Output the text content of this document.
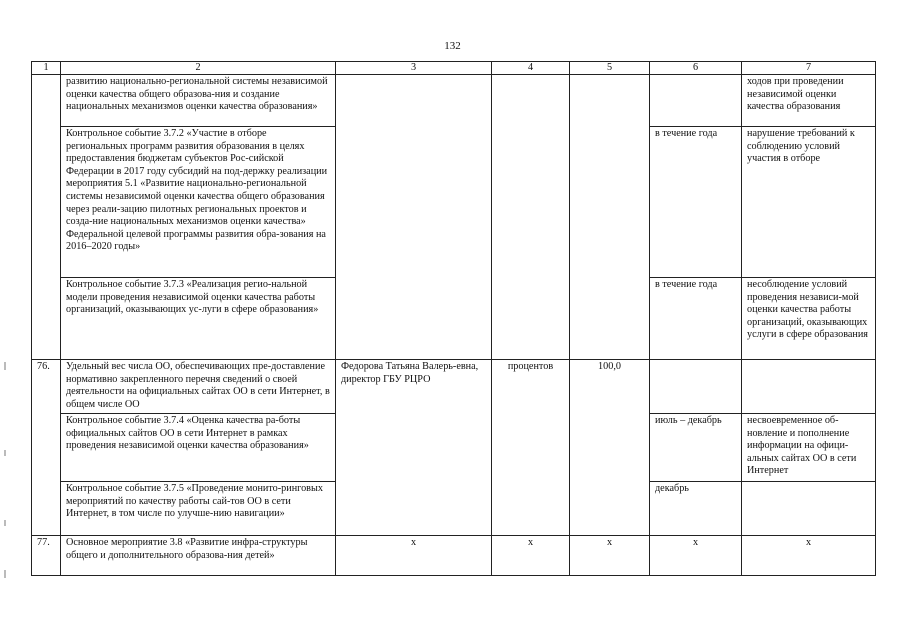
132
1	2	3	4	5	6	7
	развитию национально-региональной системы независимой оценки качества общего образова-ния и создание национальных механизмов оценки качества образования»					ходов при проведении независимой оценки качества образования
	Контрольное событие 3.7.2 «Участие в отборе региональных программ развития образования в целях предоставления бюджетам субъектов Рос-сийской Федерации в 2017 году субсидий на под-держку реализации мероприятия 5.1 «Развитие национально-региональной системы независимой оценки качества общего образования через реали-зацию пилотных региональных проектов и созда-ние национальных механизмов оценки качества» Федеральной целевой программы развития обра-зования на 2016–2020 годы»				в течение года	нарушение требований к соблюдению условий участия в отборе
	Контрольное событие 3.7.3 «Реализация регио-нальной модели проведения независимой оценки качества работы организаций, оказывающих ус-луги в сфере образования»				в течение года	несоблюдение условий проведения независи-мой оценки качества работы организаций, оказывающих услуги в сфере образования
76.	Удельный вес числа ОО, обеспечивающих пре-доставление нормативно закрепленного перечня сведений о своей деятельности на официальных сайтах ОО в сети Интернет, в общем числе ОО	Федорова Татьяна Валерь-евна, директор ГБУ РЦРО	процентов	100,0		
	Контрольное событие 3.7.4 «Оценка качества ра-боты официальных сайтов ОО в сети Интернет в рамках проведения независимой оценки качества образования»				июль – декабрь	несвоевременное об-новление и пополнение информации на офици-альных сайтах ОО в сети Интернет
	Контрольное событие 3.7.5 «Проведение монито-ринговых мероприятий по качеству работы сай-тов ОО в сети Интернет, в том числе по улучше-нию навигации»				декабрь	
77.	Основное мероприятие 3.8 «Развитие инфра-структуры общего и дополнительного образова-ния детей»	х	х	х	х	х
